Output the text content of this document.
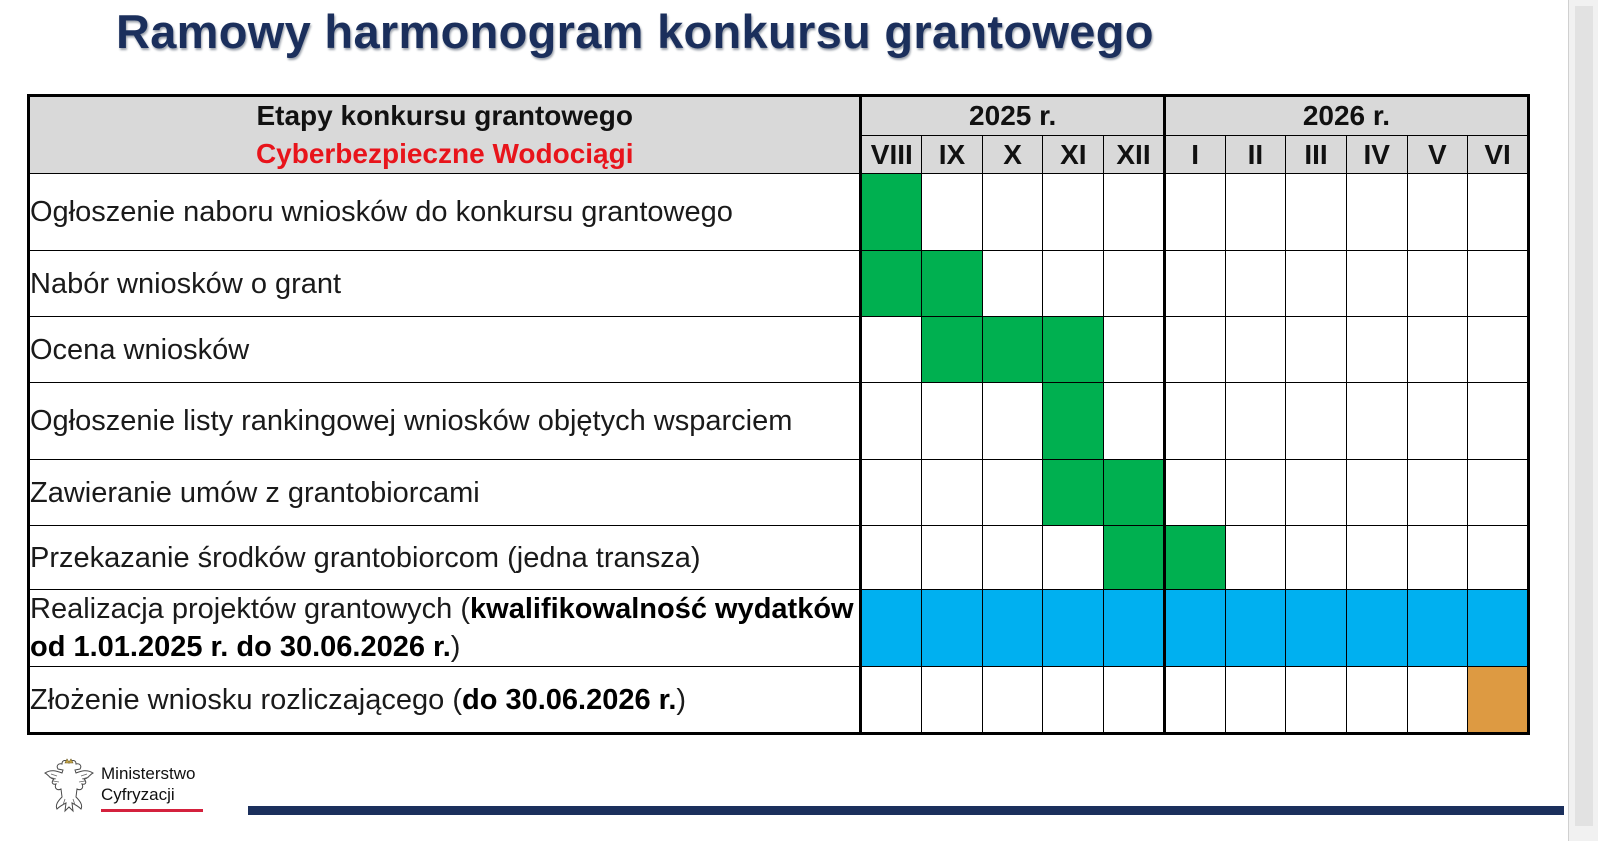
Ramowy harmonogram konkursu grantowego
Etapy konkursu grantowego
Cyberbezpieczne Wodociągi	2025 r.					2026 r.					
	VIII	IX	X	XI	XII	I	II	III	IV	V	VI
Ogłoszenie naboru wniosków do konkursu grantowego											
Nabór wniosków o grant											
Ocena wniosków											
Ogłoszenie listy rankingowej wniosków objętych wsparciem											
Zawieranie umów z grantobiorcami											
Przekazanie środków grantobiorcom (jedna transza)											
Realizacja projektów grantowych (kwalifikowalność wydatków od 1.01.2025 r. do 30.06.2026 r.)											
Złożenie wniosku rozliczającego (do 30.06.2026 r.)											
Ministerstwo
Cyfryzacji
